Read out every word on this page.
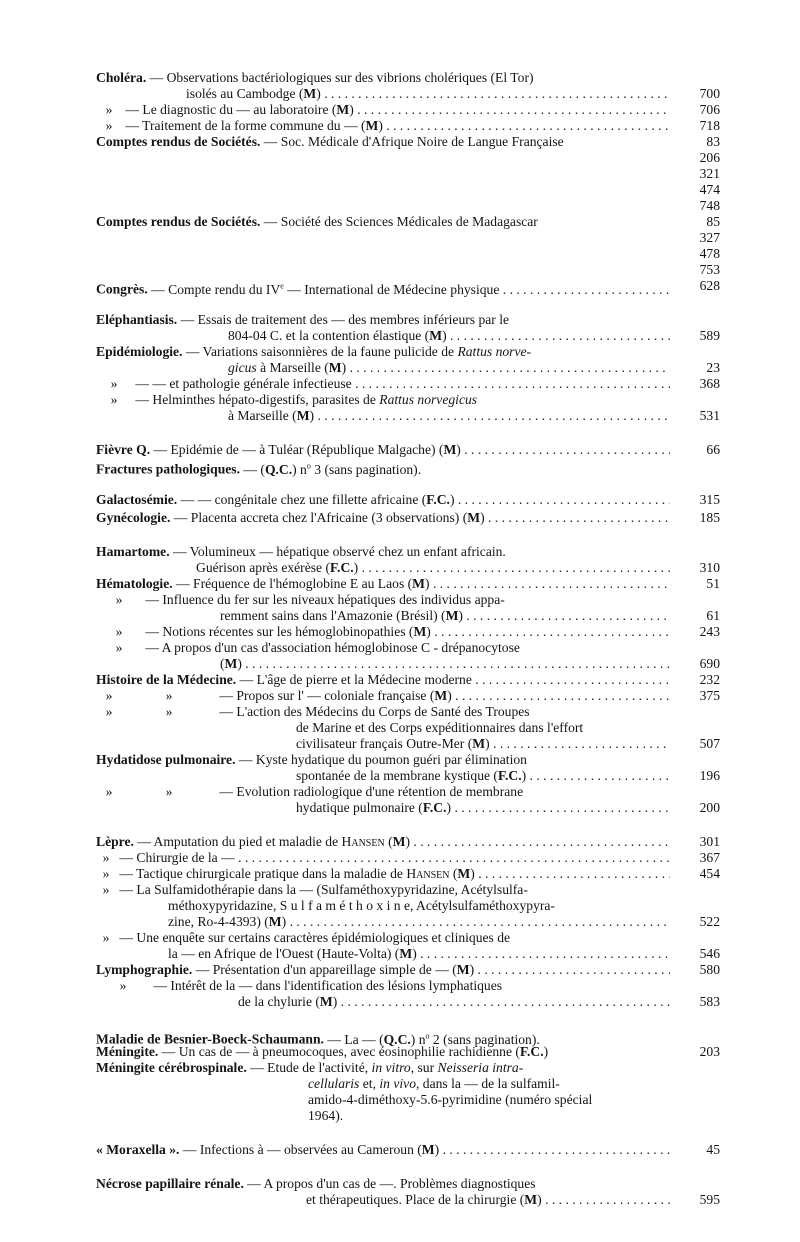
Choléra. — Observations bactériologiques sur des vibrions cholériques (El Tor)
isolés au Cambodge (M) . . .	700
» — Le diagnostic du — au laboratoire (M) . . .	706
» — Traitement de la forme commune du — (M) . . .	718
Comptes rendus de Sociétés. — Soc. Médicale d'Afrique Noire de Langue Française	83
206
321
474
748
Comptes rendus de Sociétés. — Société des Sciences Médicales de Madagascar	85
327
478
753
Congrès. — Compte rendu du IVe — International de Médecine physique . . .	628
Eléphantiasis. — Essais de traitement des — des membres inférieurs par le
804-04 C. et la contention élastique (M) . . .	589
Epidémiologie. — Variations saisonnières de la faune pulicide de Rattus norve-
gicus à Marseille (M) . . .	23
» — — et pathologie générale infectieuse . . .	368
» — Helminthes hépato-digestifs, parasites de Rattus norvegicus
à Marseille (M) . . .	531
Fièvre Q. — Epidémie de — à Tuléar (République Malgache) (M) . . .	66
Fractures pathologiques. — (Q.C.) $n^o$ 3 (sans pagination).
Galactosémie. — — congénitale chez une fillette africaine (F.C.) . . .	315
Gynécologie. — Placenta accreta chez l'Africaine (3 observations) (M) . . .	185
Hamartome. — Volumineux — hépatique observé chez un enfant africain.
Guérison après exérèse (F.C.) . . .	310
Hématologie. — Fréquence de l'hémoglobine E au Laos (M) . . .	51
» — Influence du fer sur les niveaux hépatiques des individus appa-
remment sains dans l'Amazonie (Brésil) (M) . . .	61
» — Notions récentes sur les hémoglobinopathies (M) . . .	243
» — A propos d'un cas d'association hémoglobinose C - drépanocytose
(M) . . .	690
Histoire de la Médecine. — L'âge de pierre et la Médecine moderne . . .	232
»	»	— Propos sur l' — coloniale française (M) . . .	375
»	»	— L'action des Médecins du Corps de Santé des Troupes
de Marine et des Corps expéditionnaires dans l'effort
civilisateur français Outre-Mer (M) . . .	507
Hydatidose pulmonaire. — Kyste hydatique du poumon guéri par élimination
spontanée de la membrane kystique (F.C.) . . .	196
»	»	— Evolution radiologique d'une rétention de membrane
hydatique pulmonaire (F.C.) . . .	200
Lèpre. — Amputation du pied et maladie de Hansen (M) . . .	301
» — Chirurgie de la — . . .	367
» — Tactique chirurgicale pratique dans la maladie de Hansen (M) . . .	454
» — La Sulfamidothérapie dans la — (Sulfaméthoxypyridazine, Acétylsulfa-
méthoxypyridazine, S u l f a m é t h o x i n e, Acétylsulfaméthoxypyra-
zine, Ro-4-4393) (M) . . .	522
» — Une enquête sur certains caractères épidémiologiques et cliniques de
la — en Afrique de l'Ouest (Haute-Volta) (M) . . .	546
Lymphographie. — Présentation d'un appareillage simple de — (M) . . .	580
» — Intérêt de la — dans l'identification des lésions lymphatiques
de la chylurie (M) . . .	583
Maladie de Besnier-Boeck-Schaumann. — La — (Q.C.) $n^o$ 2 (sans pagination).
Méningite. — Un cas de — à pneumocoques, avec éosinophilie rachidienne (F.C.)	203
Méningite cérébrospinale. — Etude de l'activité, in vitro, sur Neisseria intra-
cellularis et, in vivo, dans la — de la sulfamil-
amido-4-diméthoxy-5.6-pyrimidine (numéro spécial
1964).
« Moraxella ». — Infections à — observées au Cameroun (M) . . .	45
Nécrose papillaire rénale. — A propos d'un cas de —. Problèmes diagnostiques
et thérapeutiques. Place de la chirurgie (M) . . .	595
